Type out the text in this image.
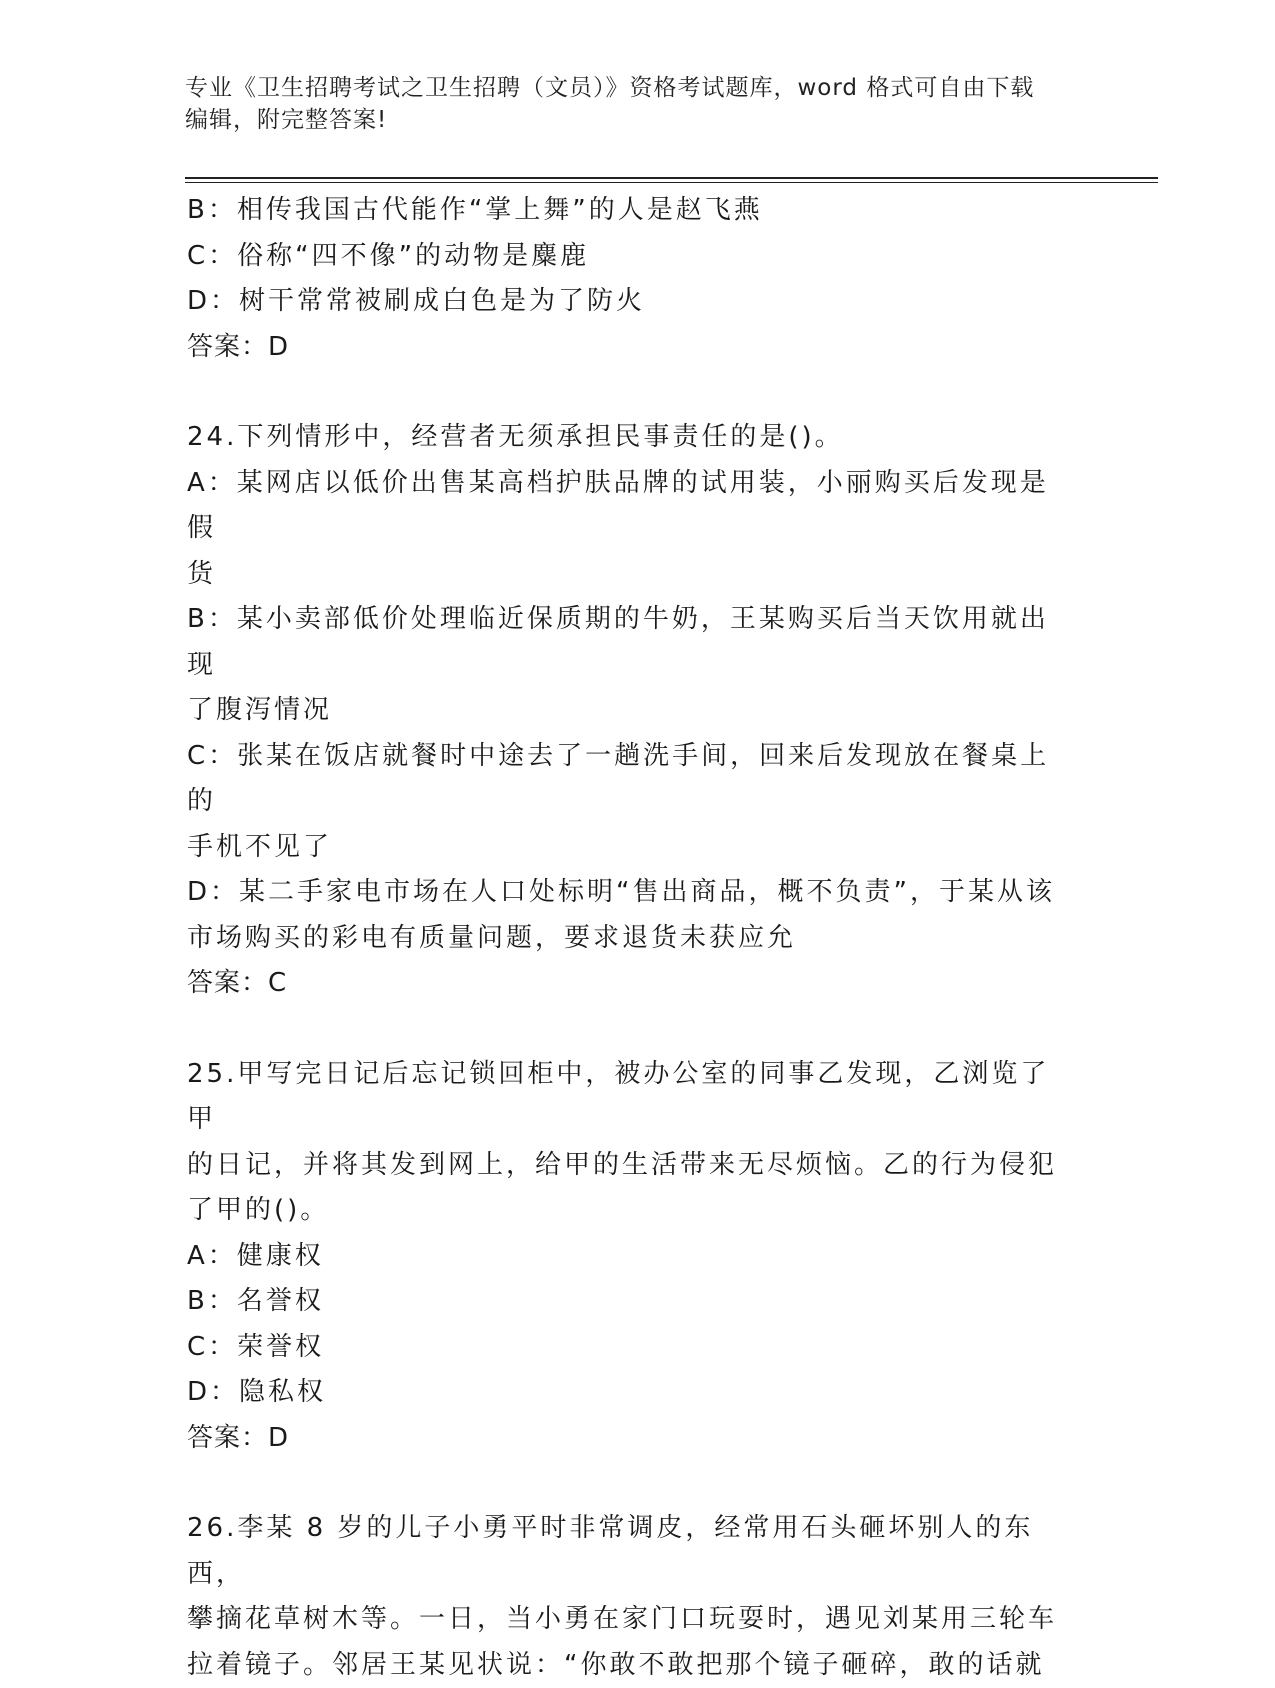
专业《卫生招聘考试之卫生招聘（文员）》资格考试题库，word 格式可自由下载
编辑，附完整答案!
B：相传我国古代能作“掌上舞”的人是赵飞燕
C：俗称“四不像”的动物是麋鹿
D：树干常常被刷成白色是为了防火
答案：D
24.下列情形中，经营者无须承担民事责任的是()。
A：某网店以低价出售某高档护肤品牌的试用装，小丽购买后发现是假
货
B：某小卖部低价处理临近保质期的牛奶，王某购买后当天饮用就出现
了腹泻情况
C：张某在饭店就餐时中途去了一趟洗手间，回来后发现放在餐桌上的
手机不见了
D：某二手家电市场在人口处标明“售出商品，概不负责”，于某从该
市场购买的彩电有质量问题，要求退货未获应允
答案：C
25.甲写完日记后忘记锁回柜中，被办公室的同事乙发现，乙浏览了甲
的日记，并将其发到网上，给甲的生活带来无尽烦恼。乙的行为侵犯
了甲的()。
A：健康权
B：名誉权
C：荣誉权
D：隐私权
答案：D
26.李某 8 岁的儿子小勇平时非常调皮，经常用石头砸坏别人的东西，
攀摘花草树木等。一日，当小勇在家门口玩耍时，遇见刘某用三轮车
拉着镜子。邻居王某见状说：“你敢不敢把那个镜子砸碎，敢的话就
